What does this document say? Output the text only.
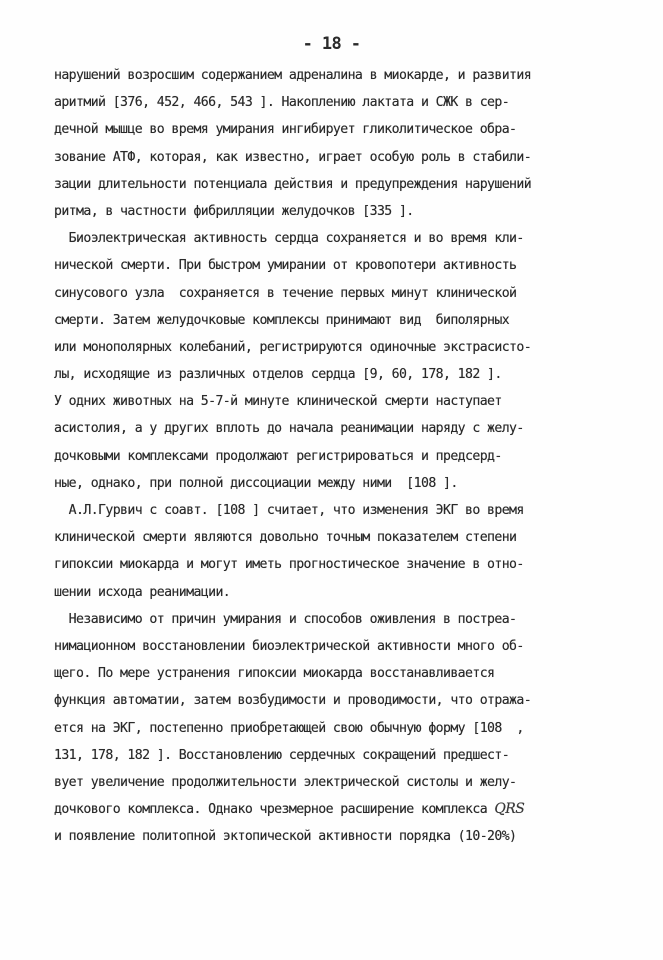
- 18 -
нарушений возросшим содержанием адреналина в миокарде, и развития
аритмий [376, 452, 466, 543 ]. Накоплению лактата и СЖК в сер-
дечной мышце во время умирания ингибирует гликолитическое обра-
зование АТФ, которая, как известно, играет особую роль в стабили-
зации длительности потенциала действия и предупреждения нарушений
ритма, в частности фибрилляции желудочков [335 ].
Биоэлектрическая активность сердца сохраняется и во время кли-
нической смерти. При быстром умирании от кровопотери активность
синусового узла  сохраняется в течение первых минут клинической
смерти. Затем желудочковые комплексы принимают вид  биполярных
или монополярных колебаний, регистрируются одиночные экстрасисто-
лы, исходящие из различных отделов сердца [9, 60, 178, 182 ].
У одних животных на 5-7-й минуте клинической смерти наступает
асистолия, а у других вплоть до начала реанимации наряду с желу-
дочковыми комплексами продолжают регистрироваться и предсерд-
ные, однако, при полной диссоциации между ними  [108 ].
А.Л.Гурвич с соавт. [108 ] считает, что изменения ЭКГ во время
клинической смерти являются довольно точным показателем степени
гипоксии миокарда и могут иметь прогностическое значение в отно-
шении исхода реанимации.
Независимо от причин умирания и способов оживления в постреа-
нимационном восстановлении биоэлектрической активности много об-
щего. По мере устранения гипоксии миокарда восстанавливается
функция автоматии, затем возбудимости и проводимости, что отража-
ется на ЭКГ, постепенно приобретающей свою обычную форму [108  ,
131, 178, 182 ]. Восстановлению сердечных сокращений предшест-
вует увеличение продолжительности электрической систолы и желу-
дочкового комплекса. Однако чрезмерное расширение комплекса QRS
и появление политопной эктопической активности порядка (10-20%)
